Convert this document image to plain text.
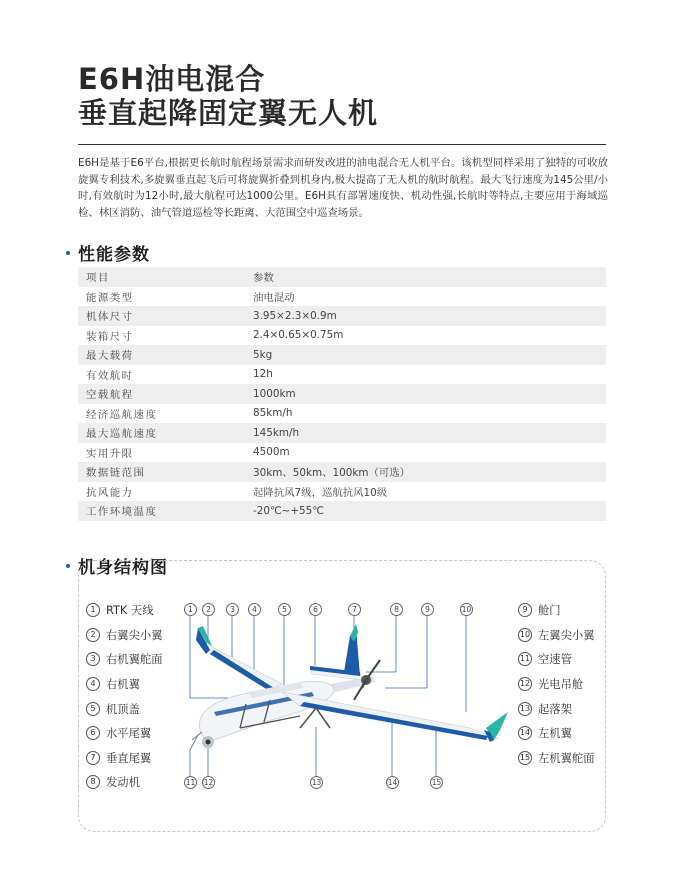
E6H油电混合
垂直起降固定翼无人机

E6H是基于E6平台,根据更长航时航程场景需求而研发改进的油电混合无人机平台。该机型同样采用了独特的可收放旋翼专利技术,多旋翼垂直起飞后可将旋翼折叠到机身内,极大提高了无人机的航时航程。最大飞行速度为145公里/小时,有效航时为12小时,最大航程可达1000公里。E6H具有部署速度快、机动性强,长航时等特点,主要应用于海域巡检、林区消防、油气管道巡检等长距离、大范围空中巡查场景。

性能参数
项目	参数
能源类型	油电混动
机体尺寸	3.95×2.3×0.9m
装箱尺寸	2.4×0.65×0.75m
最大载荷	5kg
有效航时	12h
空载航程	1000km
经济巡航速度	85km/h
最大巡航速度	145km/h
实用升限	4500m
数据链范围	30km、50km、100km（可选）
抗风能力	起降抗风7级，巡航抗风10级
工作环境温度	-20℃~+55℃
机身结构图
1 RTK 天线
2 右翼尖小翼
3 右机翼舵面
4 右机翼
5 机顶盖
6 水平尾翼
7 垂直尾翼
8 发动机
9 舱门
10 左翼尖小翼
11 空速管
12 光电吊舱
13 起落架
14 左机翼
15 左机翼舵面
1	2	3	4	5	6	7	8	9	10
11 12	13	14	15
